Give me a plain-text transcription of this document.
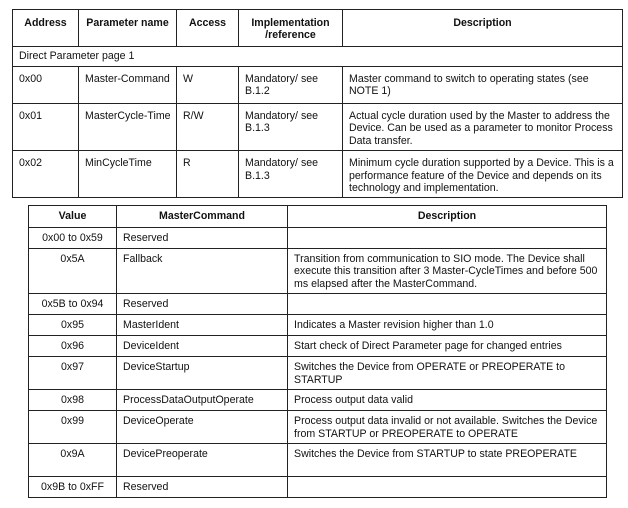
Address	Parameter name	Access	Implementation /reference	Description
Direct Parameter page 1				
0x00	Master-Command	W	Mandatory/ see B.1.2	Master command to switch to operating states (see NOTE 1)
0x01	MasterCycle-Time	R/W	Mandatory/ see B.1.3	Actual cycle duration used by the Master to address the Device. Can be used as a parameter to monitor Process Data transfer.
0x02	MinCycleTime	R	Mandatory/ see B.1.3	Minimum cycle duration supported by a Device. This is a performance feature of the Device and depends on its technology and implementation.
Value	MasterCommand	Description
0x00 to 0x59	Reserved	
0x5A	Fallback	Transition from communication to SIO mode. The Device shall execute this transition after 3 Master-CycleTimes and before 500 ms elapsed after the MasterCommand.
0x5B to 0x94	Reserved	
0x95	MasterIdent	Indicates a Master revision higher than 1.0
0x96	DeviceIdent	Start check of Direct Parameter page for changed entries
0x97	DeviceStartup	Switches the Device from OPERATE or PREOPERATE to STARTUP
0x98	ProcessDataOutputOperate	Process output data valid
0x99	DeviceOperate	Process output data invalid or not available. Switches the Device from STARTUP or PREOPERATE to OPERATE
0x9A	DevicePreoperate	Switches the Device from STARTUP to state PREOPERATE
0x9B to 0xFF	Reserved	
